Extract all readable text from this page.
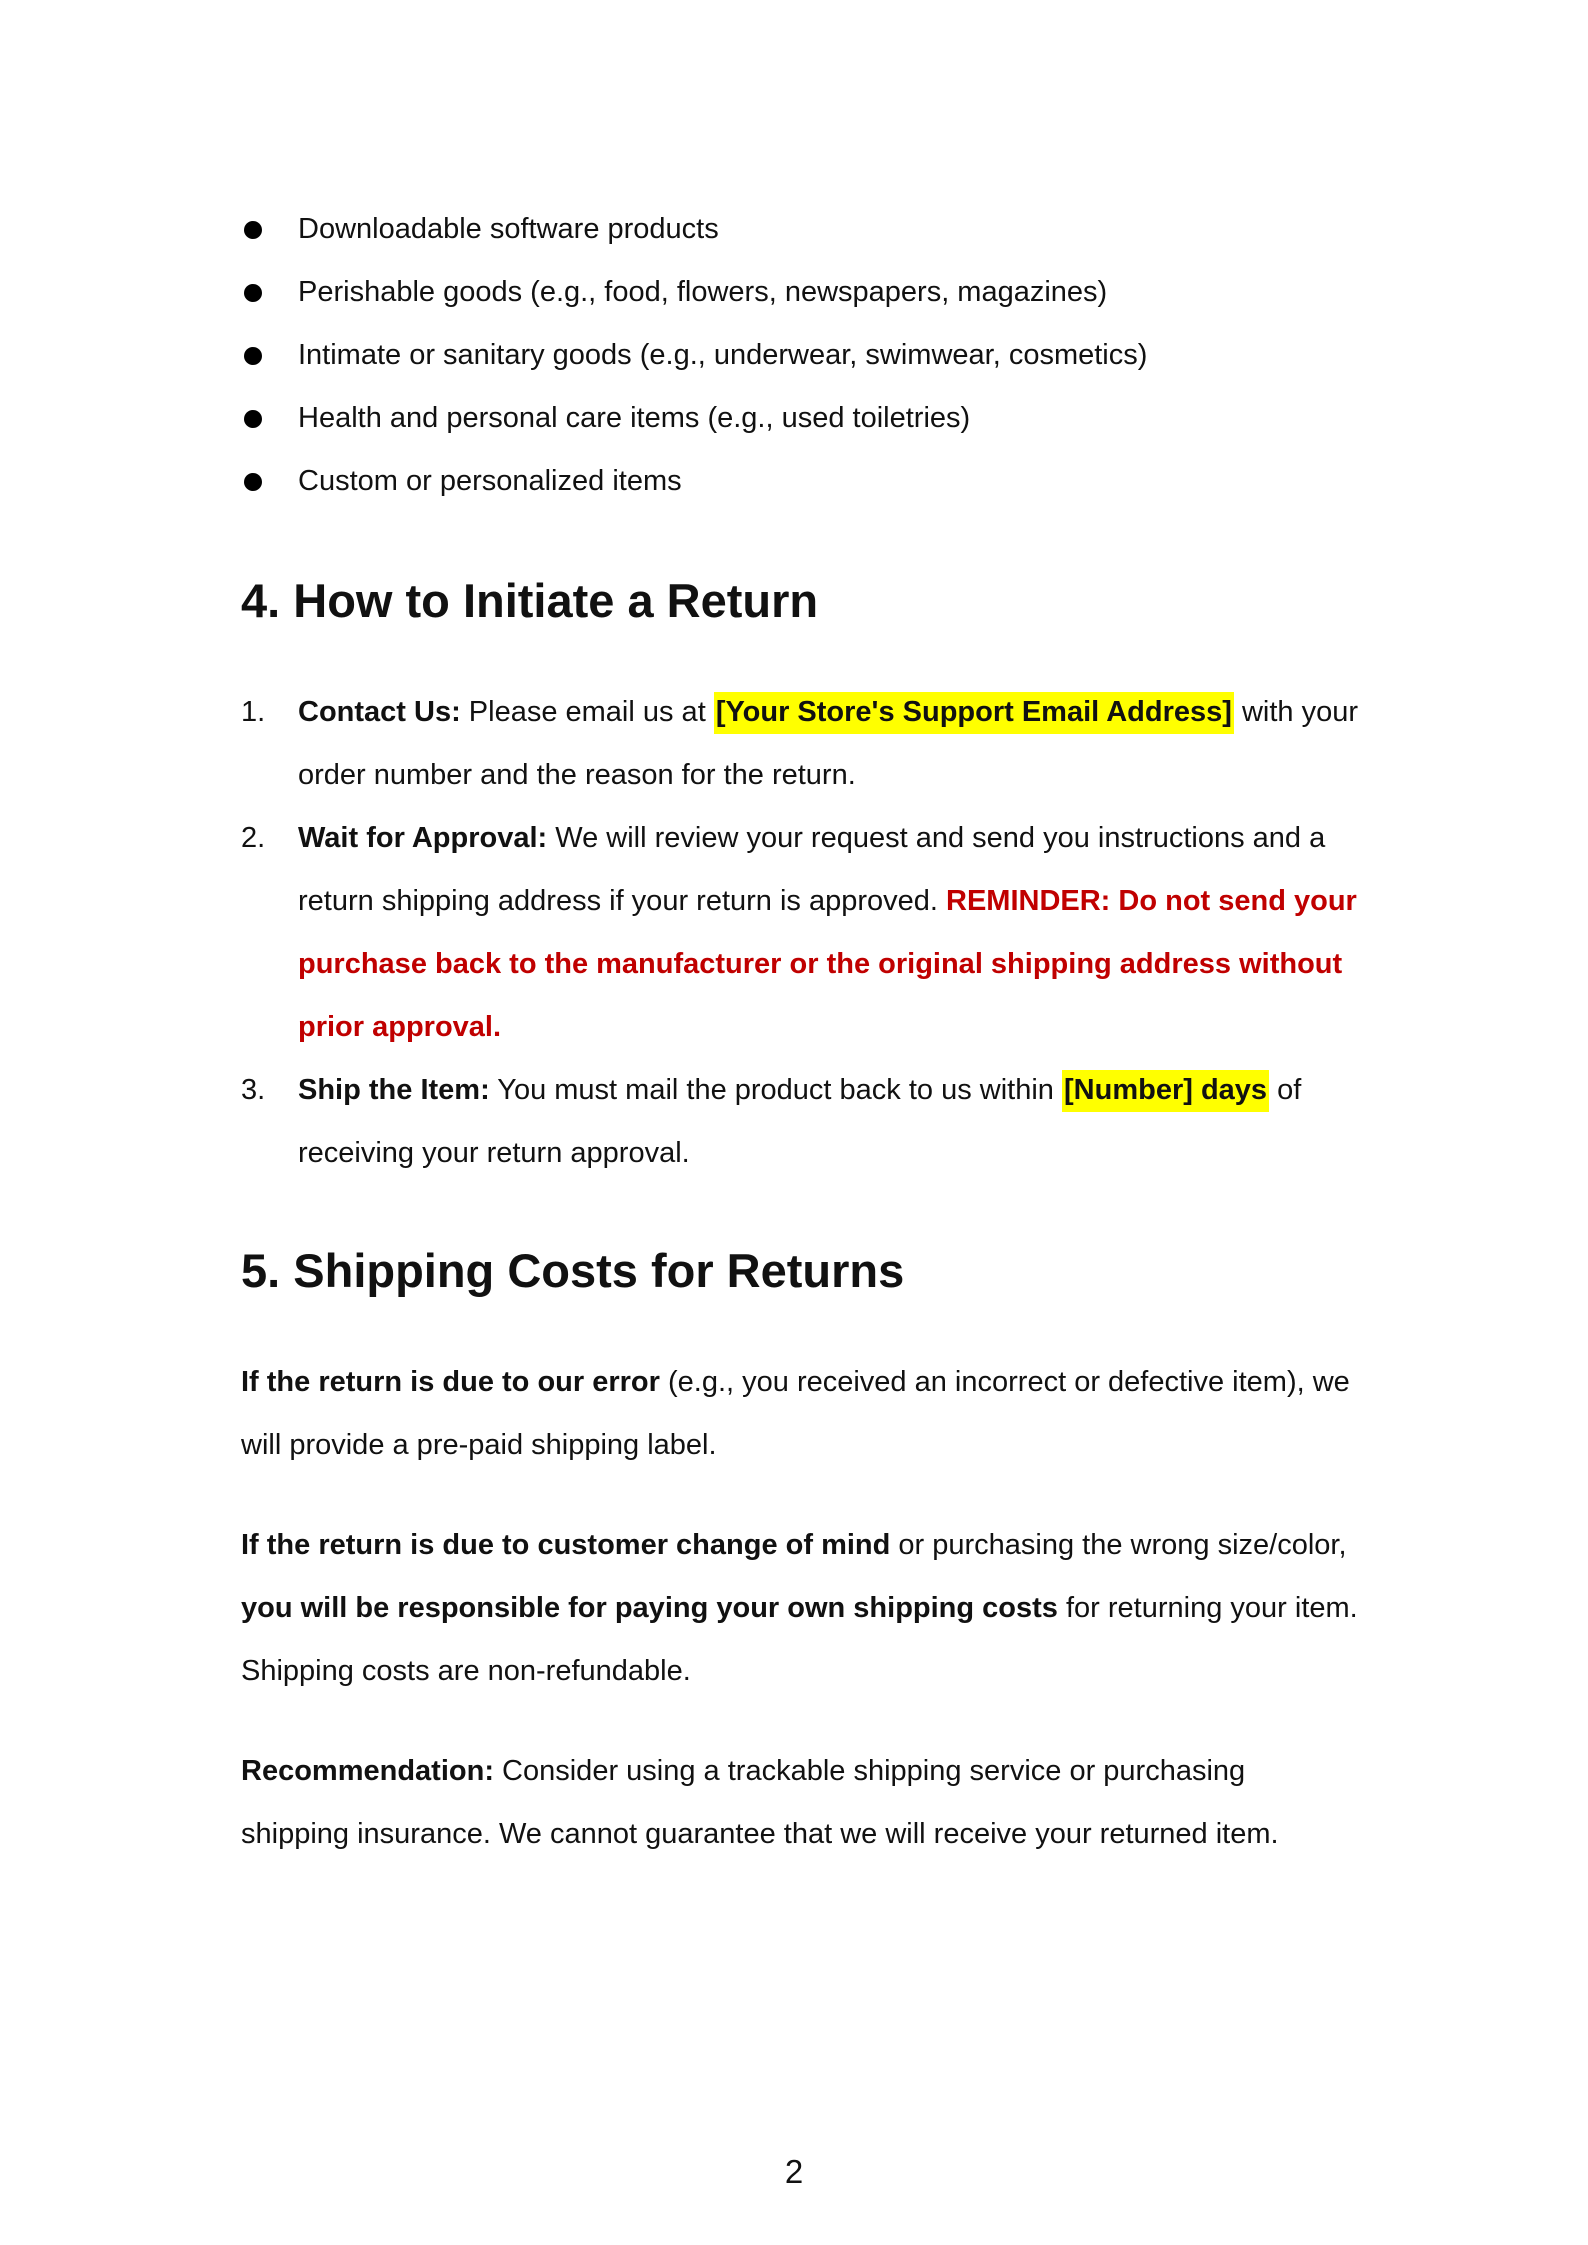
Downloadable software products
Perishable goods (e.g., food, flowers, newspapers, magazines)
Intimate or sanitary goods (e.g., underwear, swimwear, cosmetics)
Health and personal care items (e.g., used toiletries)
Custom or personalized items
4. How to Initiate a Return
1. Contact Us: Please email us at [Your Store's Support Email Address] with your order number and the reason for the return.
2. Wait for Approval: We will review your request and send you instructions and a return shipping address if your return is approved. REMINDER: Do not send your purchase back to the manufacturer or the original shipping address without prior approval.
3. Ship the Item: You must mail the product back to us within [Number] days of receiving your return approval.
5. Shipping Costs for Returns

If the return is due to our error (e.g., you received an incorrect or defective item), we will provide a pre-paid shipping label.

If the return is due to customer change of mind or purchasing the wrong size/color, you will be responsible for paying your own shipping costs for returning your item. Shipping costs are non-refundable.

Recommendation: Consider using a trackable shipping service or purchasing shipping insurance. We cannot guarantee that we will receive your returned item.

2
